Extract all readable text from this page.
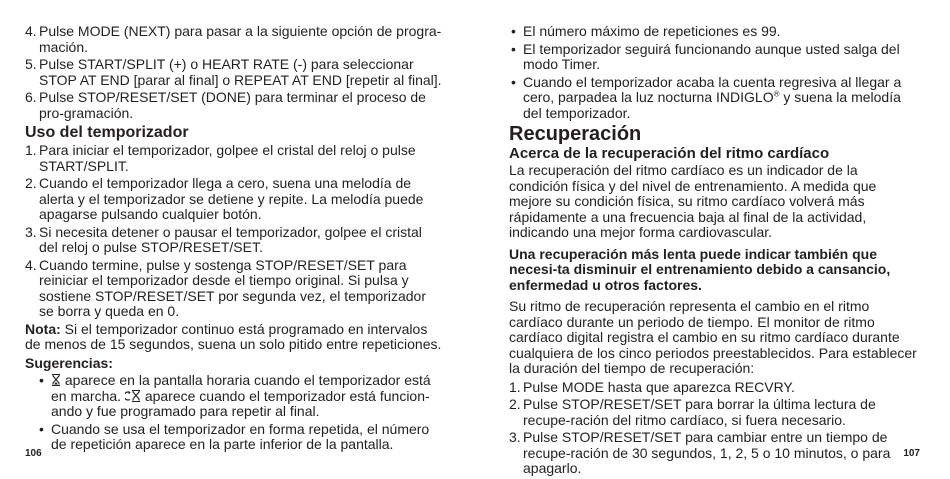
4. Pulse MODE (NEXT) para pasar a la siguiente opción de progra-mación.
5. Pulse START/SPLIT (+) o HEART RATE (-) para seleccionar STOP AT END [parar al final] o REPEAT AT END [repetir al final].
6. Pulse STOP/RESET/SET (DONE) para terminar el proceso de pro-gramación.
Uso del temporizador
1. Para iniciar el temporizador, golpee el cristal del reloj o pulse START/SPLIT.
2. Cuando el temporizador llega a cero, suena una melodía de alerta y el temporizador se detiene y repite. La melodía puede apagarse pulsando cualquier botón.
3. Si necesita detener o pausar el temporizador, golpee el cristal del reloj o pulse STOP/RESET/SET.
4. Cuando termine, pulse y sostenga STOP/RESET/SET para reiniciar el temporizador desde el tiempo original. Si pulsa y sostiene STOP/RESET/SET por segunda vez, el temporizador se borra y queda en 0.

Nota: Si el temporizador continuo está programado en intervalos de menos de 15 segundos, suena un solo pitido entre repeticiones.

Sugerencias:

• aparece en la pantalla horaria cuando el temporizador está en marcha.  aparece cuando el temporizador está funcion-ando y fue programado para repetir al final.
• Cuando se usa el temporizador en forma repetida, el número de repetición aparece en la parte inferior de la pantalla.
106
• El número máximo de repeticiones es 99.
• El temporizador seguirá funcionando aunque usted salga del modo Timer.
• Cuando el temporizador acaba la cuenta regresiva al llegar a cero, parpadea la luz nocturna INDIGLO® y suena la melodía del temporizador.
Recuperación
Acerca de la recuperación del ritmo cardíaco

La recuperación del ritmo cardíaco es un indicador de la condición física y del nivel de entrenamiento. A medida que mejore su condición física, su ritmo cardíaco volverá más rápidamente a una frecuencia baja al final de la actividad, indicando una mejor forma cardiovascular.

Una recuperación más lenta puede indicar también que necesi-ta disminuir el entrenamiento debido a cansancio, enfermedad u otros factores.

Su ritmo de recuperación representa el cambio en el ritmo cardíaco durante un periodo de tiempo. El monitor de ritmo cardíaco digital registra el cambio en su ritmo cardíaco durante cualquiera de los cinco periodos preestablecidos. Para establecer la duración del tiempo de recuperación:

1. Pulse MODE hasta que aparezca RECVRY.
2. Pulse STOP/RESET/SET para borrar la última lectura de recupe-ración del ritmo cardíaco, si fuera necesario.
3. Pulse STOP/RESET/SET para cambiar entre un tiempo de recupe-ración de 30 segundos, 1, 2, 5 o 10 minutos, o para apagarlo.
107
